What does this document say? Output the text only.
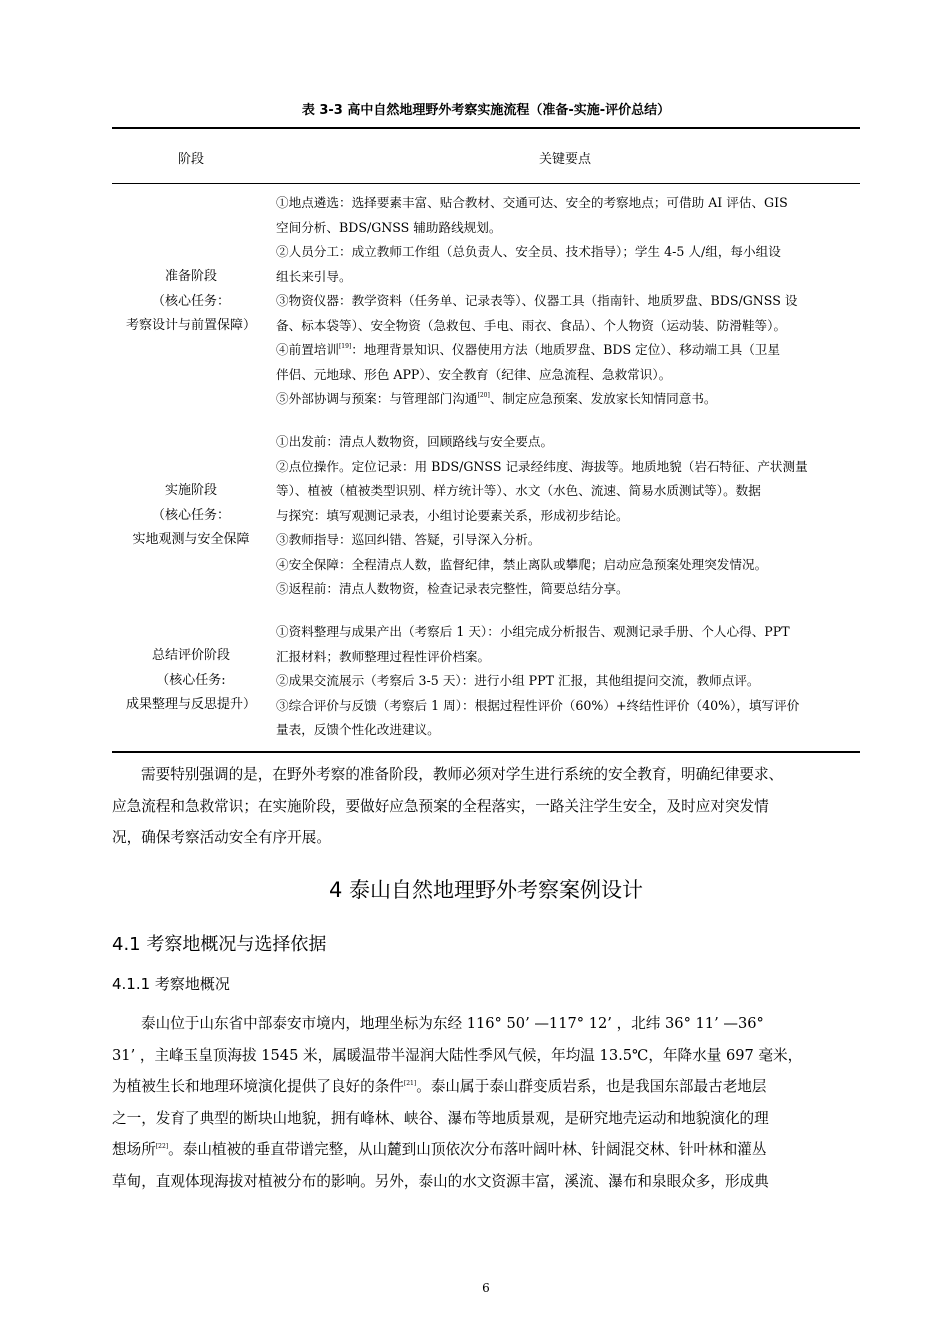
表 3-3 高中自然地理野外考察实施流程（准备-实施-评价总结）
阶段	关键要点
准备阶段
（核心任务：
考察设计与前置保障）
①地点遴选：选择要素丰富、贴合教材、交通可达、安全的考察地点；可借助 AI 评估、GIS
空间分析、BDS/GNSS 辅助路线规划。
②人员分工：成立教师工作组（总负责人、安全员、技术指导）；学生 4-5 人/组，每小组设
组长来引导。
③物资仪器：教学资料（任务单、记录表等）、仪器工具（指南针、地质罗盘、BDS/GNSS 设
备、标本袋等）、安全物资（急救包、手电、雨衣、食品）、个人物资（运动装、防滑鞋等）。
④前置培训[19]：地理背景知识、仪器使用方法（地质罗盘、BDS 定位）、移动端工具（卫星
伴侣、元地球、形色 APP）、安全教育（纪律、应急流程、急救常识）。
⑤外部协调与预案：与管理部门沟通[20]、制定应急预案、发放家长知情同意书。
实施阶段
（核心任务：
实地观测与安全保障
①出发前：清点人数物资，回顾路线与安全要点。
②点位操作。定位记录：用 BDS/GNSS 记录经纬度、海拔等。地质地貌（岩石特征、产状测量
等）、植被（植被类型识别、样方统计等）、水文（水色、流速、简易水质测试等）。数据
与探究：填写观测记录表，小组讨论要素关系，形成初步结论。
③教师指导：巡回纠错、答疑，引导深入分析。
④安全保障：全程清点人数，监督纪律，禁止离队或攀爬；启动应急预案处理突发情况。
⑤返程前：清点人数物资，检查记录表完整性，简要总结分享。
总结评价阶段
（核心任务:
成果整理与反思提升）
①资料整理与成果产出（考察后 1 天）：小组完成分析报告、观测记录手册、个人心得、PPT
汇报材料；教师整理过程性评价档案。
②成果交流展示（考察后 3-5 天）：进行小组 PPT 汇报，其他组提问交流，教师点评。
③综合评价与反馈（考察后 1 周）：根据过程性评价（60%）+终结性评价（40%），填写评价
量表，反馈个性化改进建议。
需要特别强调的是，在野外考察的准备阶段，教师必须对学生进行系统的安全教育，明确纪律要求、
应急流程和急救常识；在实施阶段，要做好应急预案的全程落实，一路关注学生安全，及时应对突发情
况，确保考察活动安全有序开展。
4 泰山自然地理野外考察案例设计
4.1 考察地概况与选择依据
4.1.1 考察地概况
泰山位于山东省中部泰安市境内，地理坐标为东经 116° 50’ —117° 12’ ，北纬 36° 11’ —36°
31’ ，主峰玉皇顶海拔 1545 米，属暖温带半湿润大陆性季风气候，年均温 13.5℃，年降水量 697 毫米，
为植被生长和地理环境演化提供了良好的条件[21]。泰山属于泰山群变质岩系，也是我国东部最古老地层
之一，发育了典型的断块山地貌，拥有峰林、峡谷、瀑布等地质景观，是研究地壳运动和地貌演化的理
想场所[22]。泰山植被的垂直带谱完整，从山麓到山顶依次分布落叶阔叶林、针阔混交林、针叶林和灌丛
草甸，直观体现海拔对植被分布的影响。另外，泰山的水文资源丰富，溪流、瀑布和泉眼众多，形成典
6
